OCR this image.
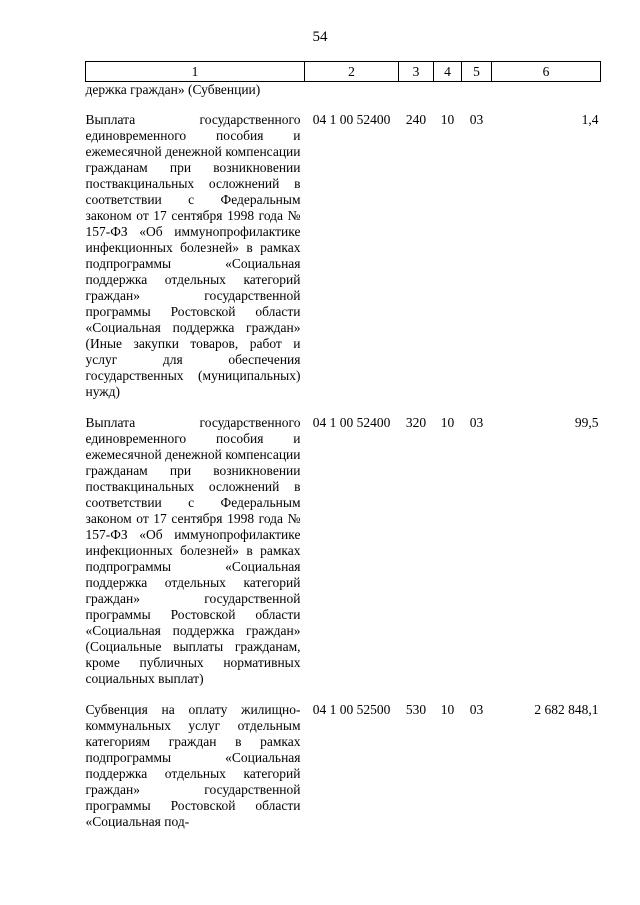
54
1	2	3	4	5	6
держка граждан» (Субвенции)					

Выплата государственного единовременного пособия и ежемесячной денежной компенсации гражданам при возникновении поствакцинальных осложнений в соответствии с Федеральным законом от 17 сентября 1998 года № 157-ФЗ «Об иммунопрофилактике инфекционных болезней» в рамках подпрограммы «Социальная поддержка отдельных категорий граждан» государственной программы Ростовской области «Социальная поддержка граждан» (Иные закупки товаров, работ и услуг для обеспечения государственных (муниципальных) нужд)	04 1 00 52400	240	10	03	1,4

Выплата государственного единовременного пособия и ежемесячной денежной компенсации гражданам при возникновении поствакцинальных осложнений в соответствии с Федеральным законом от 17 сентября 1998 года № 157-ФЗ «Об иммунопрофилактике инфекционных болезней» в рамках подпрограммы «Социальная поддержка отдельных категорий граждан» государственной программы Ростовской области «Социальная поддержка граждан» (Социальные выплаты гражданам, кроме публичных нормативных социальных выплат)	04 1 00 52400	320	10	03	99,5

Субвенция на оплату жилищно-коммунальных услуг отдельным категориям граждан в рамках подпрограммы «Социальная поддержка отдельных категорий граждан» государственной программы Ростовской области «Социальная под-	04 1 00 52500	530	10	03	2 682 848,1
